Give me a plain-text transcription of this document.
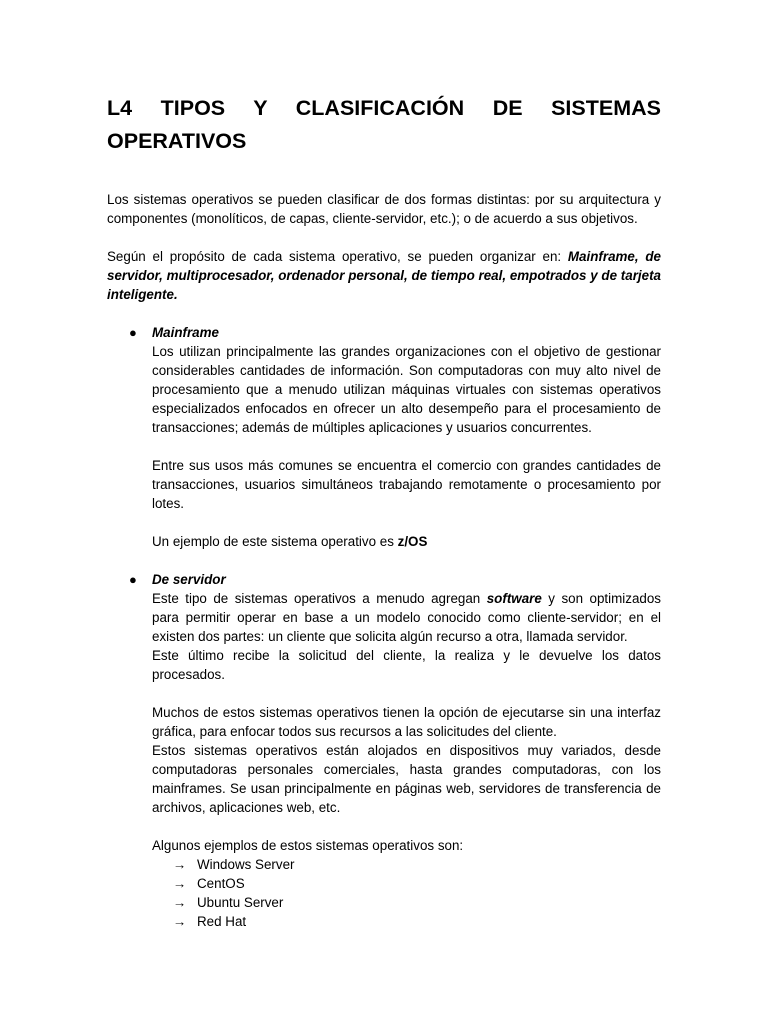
L4 TIPOS Y CLASIFICACIÓN DE SISTEMAS OPERATIVOS

Los sistemas operativos se pueden clasificar de dos formas distintas: por su arquitectura y componentes (monolíticos, de capas, cliente-servidor, etc.); o de acuerdo a sus objetivos.

Según el propósito de cada sistema operativo, se pueden organizar en: Mainframe, de servidor, multiprocesador, ordenador personal, de tiempo real, empotrados y de tarjeta inteligente.

●	Mainframe

Los utilizan principalmente las grandes organizaciones con el objetivo de gestionar considerables cantidades de información. Son computadoras con muy alto nivel de procesamiento que a menudo utilizan máquinas virtuales con sistemas operativos especializados enfocados en ofrecer un alto desempeño para el procesamiento de transacciones; además de múltiples aplicaciones y usuarios concurrentes.

Entre sus usos más comunes se encuentra el comercio con grandes cantidades de transacciones, usuarios simultáneos trabajando remotamente o procesamiento por lotes.

Un ejemplo de este sistema operativo es z/OS

●	De servidor

Este tipo de sistemas operativos a menudo agregan software y son optimizados para permitir operar en base a un modelo conocido como cliente-servidor; en el existen dos partes: un cliente que solicita algún recurso a otra, llamada servidor.

Este último recibe la solicitud del cliente, la realiza y le devuelve los datos procesados.

Muchos de estos sistemas operativos tienen la opción de ejecutarse sin una interfaz gráfica, para enfocar todos sus recursos a las solicitudes del cliente.

Estos sistemas operativos están alojados en dispositivos muy variados, desde computadoras personales comerciales, hasta grandes computadoras, con los mainframes. Se usan principalmente en páginas web, servidores de transferencia de archivos, aplicaciones web, etc.

Algunos ejemplos de estos sistemas operativos son:

→ Windows Server
→ CentOS
→ Ubuntu Server
→ Red Hat
